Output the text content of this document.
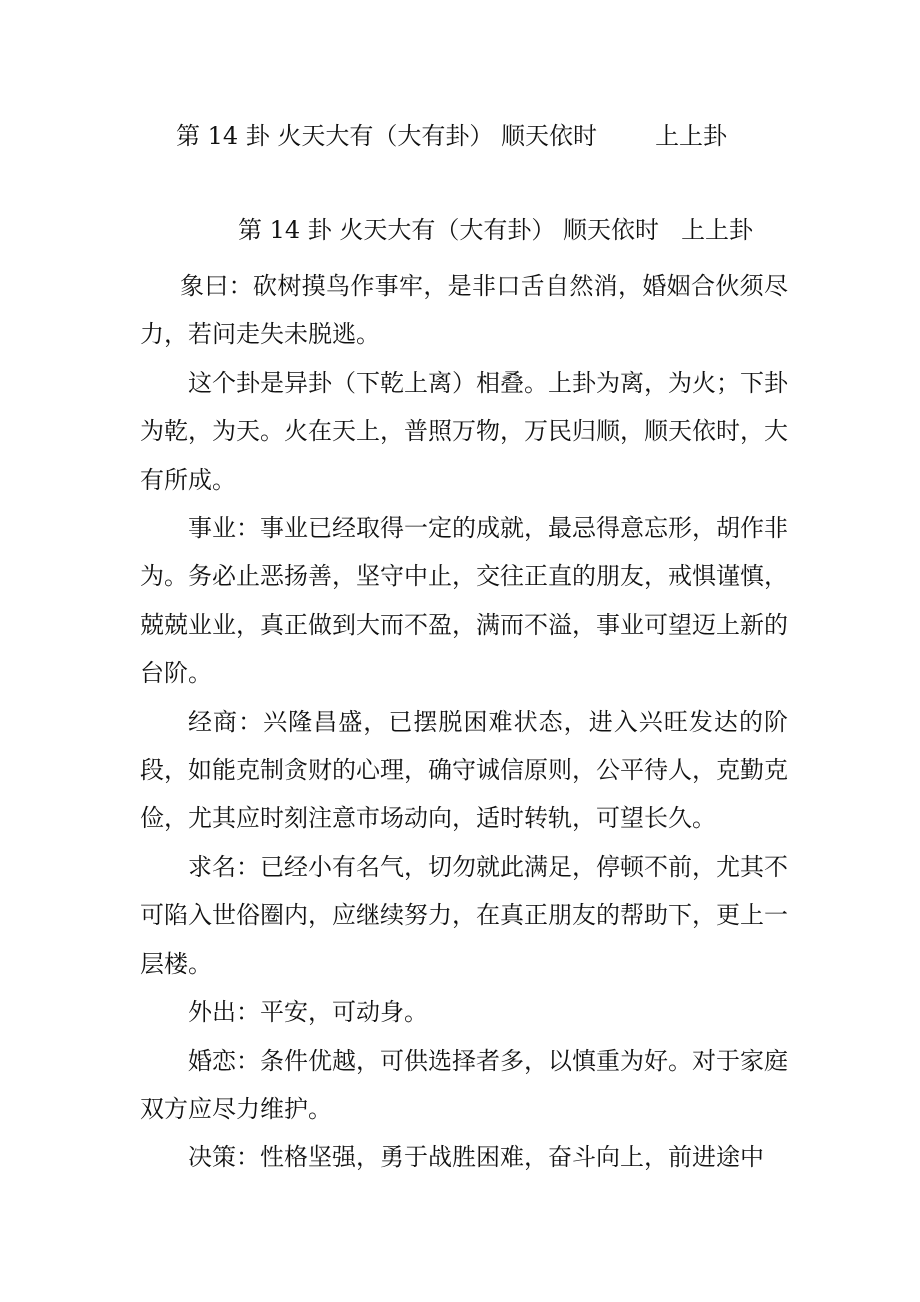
第 14 卦 火天大有（大有卦） 顺天依时 上上卦
第 14 卦 火天大有（大有卦） 顺天依时 上上卦

象曰：砍树摸鸟作事牢，是非口舌自然消，婚姻合伙须尽力，若问走失未脱逃。

这个卦是异卦（下乾上离）相叠。上卦为离，为火；下卦为乾，为天。火在天上，普照万物，万民归顺，顺天依时，大有所成。

事业：事业已经取得一定的成就，最忌得意忘形，胡作非为。务必止恶扬善，坚守中止，交往正直的朋友，戒惧谨慎，兢兢业业，真正做到大而不盈，满而不溢，事业可望迈上新的台阶。

经商：兴隆昌盛，已摆脱困难状态，进入兴旺发达的阶段，如能克制贪财的心理，确守诚信原则，公平待人，克勤克俭，尤其应时刻注意市场动向，适时转轨，可望长久。

求名：已经小有名气，切勿就此满足，停顿不前，尤其不可陷入世俗圈内，应继续努力，在真正朋友的帮助下，更上一层楼。

外出：平安，可动身。

婚恋：条件优越，可供选择者多，以慎重为好。对于家庭双方应尽力维护。

决策：性格坚强，勇于战胜困难，奋斗向上，前进途中
